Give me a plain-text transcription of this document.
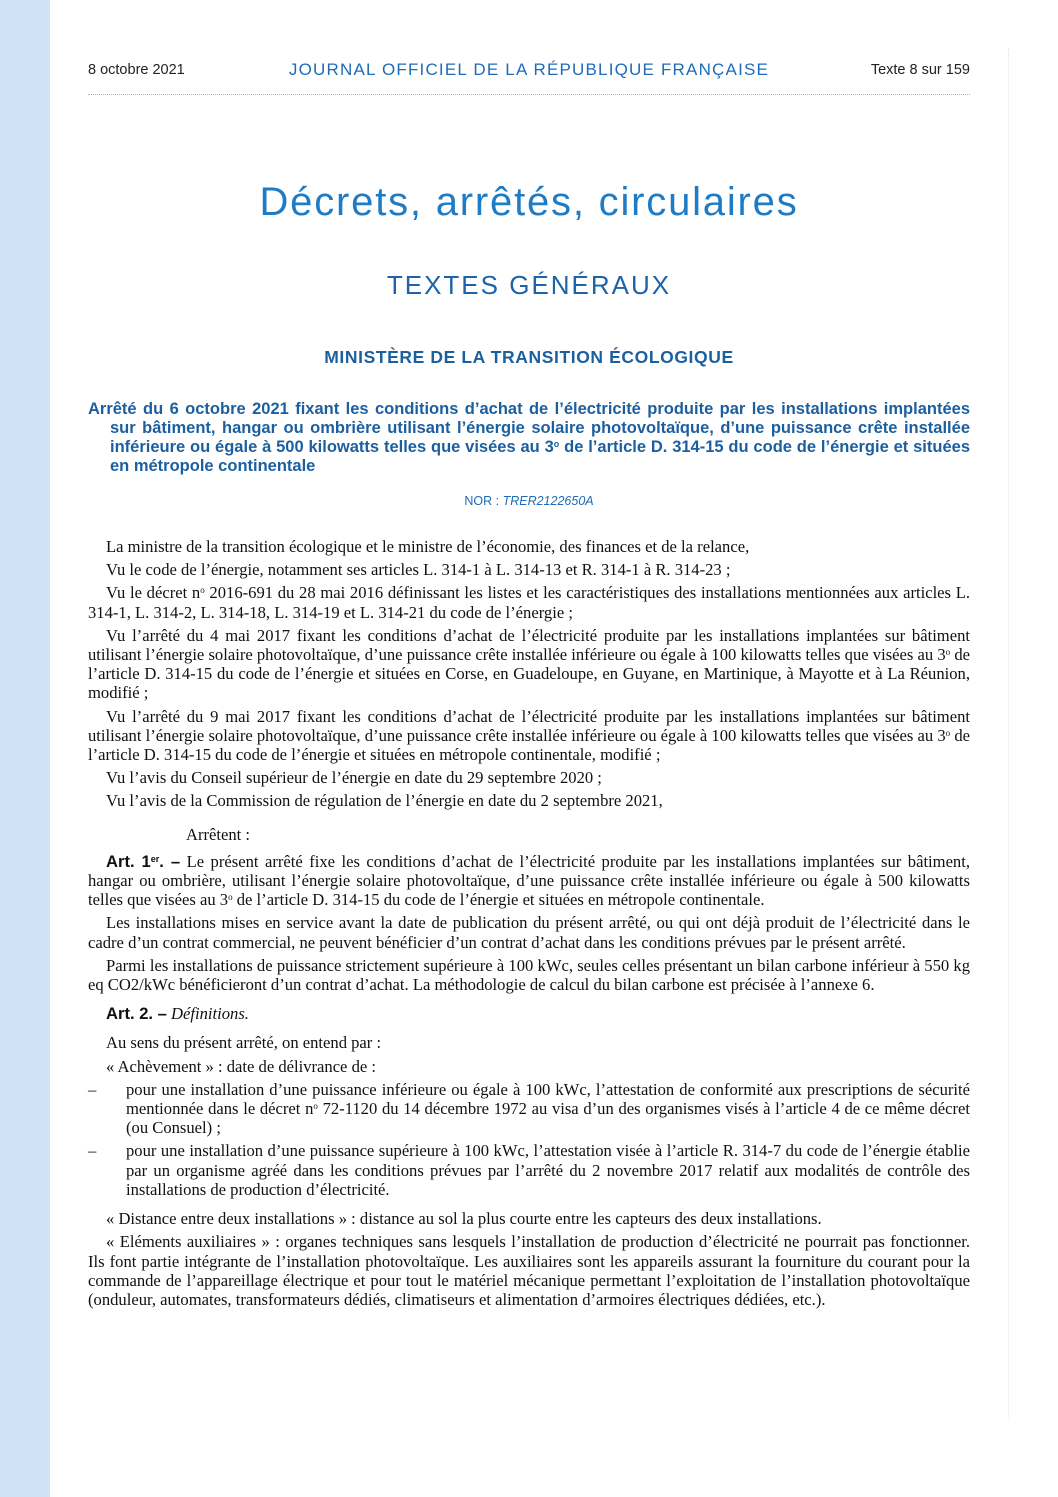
8 octobre 2021	JOURNAL OFFICIEL DE LA RÉPUBLIQUE FRANÇAISE	Texte 8 sur 159
Décrets, arrêtés, circulaires
TEXTES GÉNÉRAUX
MINISTÈRE DE LA TRANSITION ÉCOLOGIQUE
Arrêté du 6 octobre 2021 fixant les conditions d’achat de l’électricité produite par les installations implantées sur bâtiment, hangar ou ombrière utilisant l’énergie solaire photovoltaïque, d’une puissance crête installée inférieure ou égale à 500 kilowatts telles que visées au 3$^o$ de l’article D. 314-15 du code de l’énergie et situées en métropole continentale
NOR : TRER2122650A

La ministre de la transition écologique et le ministre de l’économie, des finances et de la relance,

Vu le code de l’énergie, notamment ses articles L. 314-1 à L. 314-13 et R. 314-1 à R. 314-23 ;

Vu le décret $n^o$ 2016-691 du 28 mai 2016 définissant les listes et les caractéristiques des installations mentionnées aux articles L. 314-1, L. 314-2, L. 314-18, L. 314-19 et L. 314-21 du code de l’énergie ;

Vu l’arrêté du 4 mai 2017 fixant les conditions d’achat de l’électricité produite par les installations implantées sur bâtiment utilisant l’énergie solaire photovoltaïque, d’une puissance crête installée inférieure ou égale à 100 kilowatts telles que visées au 3$^o$ de l’article D. 314-15 du code de l’énergie et situées en Corse, en Guadeloupe, en Guyane, en Martinique, à Mayotte et à La Réunion, modifié ;

Vu l’arrêté du 9 mai 2017 fixant les conditions d’achat de l’électricité produite par les installations implantées sur bâtiment utilisant l’énergie solaire photovoltaïque, d’une puissance crête installée inférieure ou égale à 100 kilowatts telles que visées au 3$^o$ de l’article D. 314-15 du code de l’énergie et situées en métropole continentale, modifié ;

Vu l’avis du Conseil supérieur de l’énergie en date du 29 septembre 2020 ;

Vu l’avis de la Commission de régulation de l’énergie en date du 2 septembre 2021,

Arrêtent :

Art. 1er. – Le présent arrêté fixe les conditions d’achat de l’électricité produite par les installations implantées sur bâtiment, hangar ou ombrière, utilisant l’énergie solaire photovoltaïque, d’une puissance crête installée inférieure ou égale à 500 kilowatts telles que visées au 3$^o$ de l’article D. 314-15 du code de l’énergie et situées en métropole continentale.

Les installations mises en service avant la date de publication du présent arrêté, ou qui ont déjà produit de l’électricité dans le cadre d’un contrat commercial, ne peuvent bénéficier d’un contrat d’achat dans les conditions prévues par le présent arrêté.

Parmi les installations de puissance strictement supérieure à 100 kWc, seules celles présentant un bilan carbone inférieur à 550 kg eq CO2/kWc bénéficieront d’un contrat d’achat. La méthodologie de calcul du bilan carbone est précisée à l’annexe 6.

Art. 2. – Définitions.

Au sens du présent arrêté, on entend par :

« Achèvement » : date de délivrance de :

– pour une installation d’une puissance inférieure ou égale à 100 kWc, l’attestation de conformité aux prescriptions de sécurité mentionnée dans le décret $n^o$ 72-1120 du 14 décembre 1972 au visa d’un des organismes visés à l’article 4 de ce même décret (ou Consuel) ;
– pour une installation d’une puissance supérieure à 100 kWc, l’attestation visée à l’article R. 314-7 du code de l’énergie établie par un organisme agréé dans les conditions prévues par l’arrêté du 2 novembre 2017 relatif aux modalités de contrôle des installations de production d’électricité.

« Distance entre deux installations » : distance au sol la plus courte entre les capteurs des deux installations.

« Eléments auxiliaires » : organes techniques sans lesquels l’installation de production d’électricité ne pourrait pas fonctionner. Ils font partie intégrante de l’installation photovoltaïque. Les auxiliaires sont les appareils assurant la fourniture du courant pour la commande de l’appareillage électrique et pour tout le matériel mécanique permettant l’exploitation de l’installation photovoltaïque (onduleur, automates, transformateurs dédiés, climatiseurs et alimentation d’armoires électriques dédiées, etc.).
